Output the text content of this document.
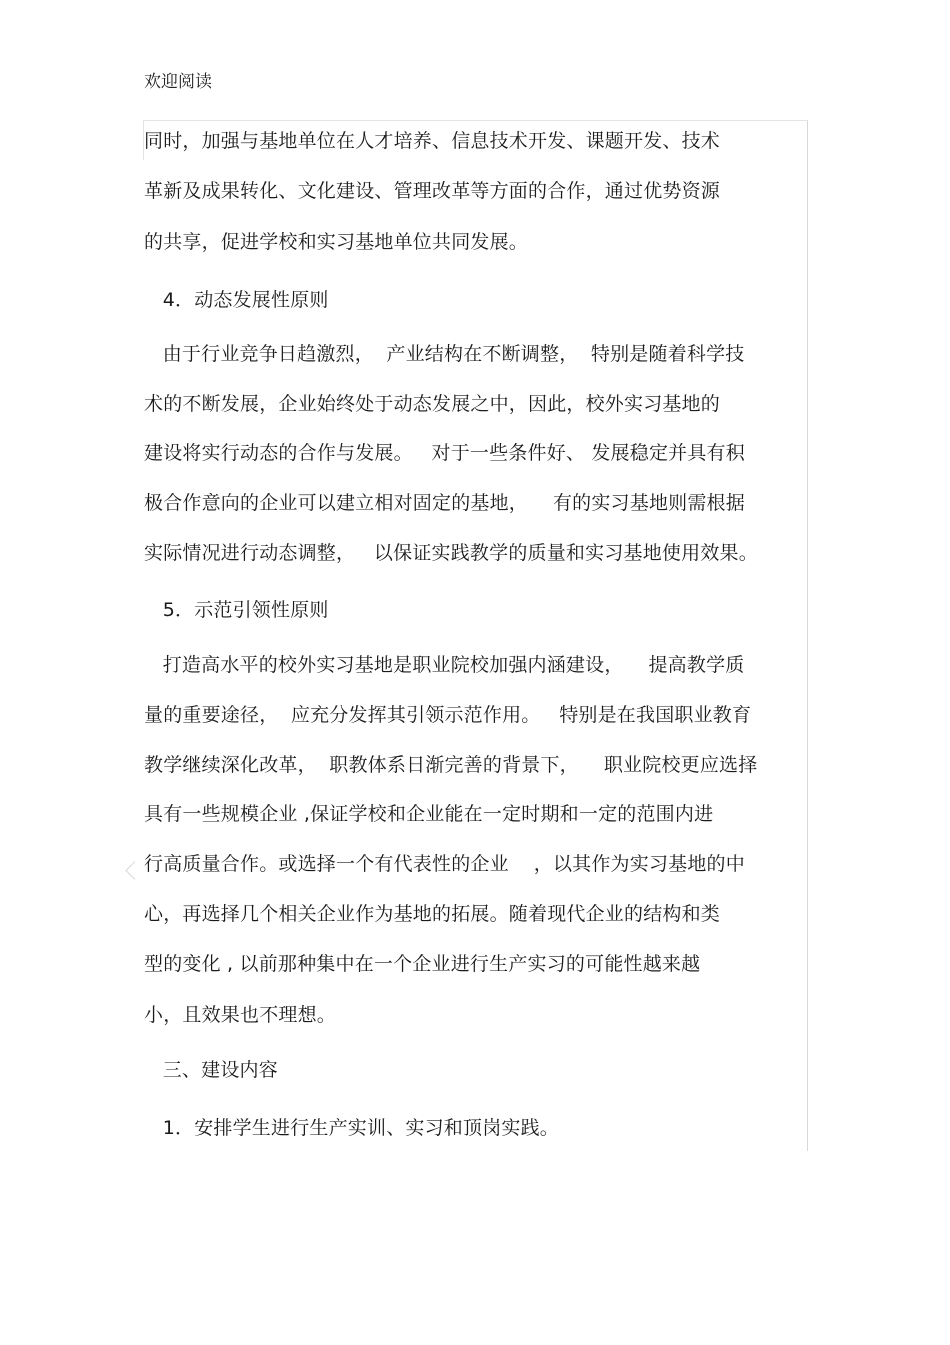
欢迎阅读
同时，加强与基地单位在人才培养、信息技术开发、课题开发、技术
革新及成果转化、文化建设、管理改革等方面的合作，通过优势资源
的共享，促进学校和实习基地单位共同发展。
4．动态发展性原则
由于行业竞争日趋激烈，  产业结构在不断调整，  特别是随着科学技
术的不断发展，企业始终处于动态发展之中，因此，校外实习基地的
建设将实行动态的合作与发展。   对于一些条件好、 发展稳定并具有积
极合作意向的企业可以建立相对固定的基地，    有的实习基地则需根据
实际情况进行动态调整，   以保证实践教学的质量和实习基地使用效果。
5．示范引领性原则
打造高水平的校外实习基地是职业院校加强内涵建设，    提高教学质
量的重要途径，  应充分发挥其引领示范作用。   特别是在我国职业教育
教学继续深化改革，  职教体系日渐完善的背景下，    职业院校更应选择
具有一些规模企业 ,保证学校和企业能在一定时期和一定的范围内进
行高质量合作。或选择一个有代表性的企业    ，以其作为实习基地的中
心，再选择几个相关企业作为基地的拓展。随着现代企业的结构和类
型的变化 , 以前那种集中在一个企业进行生产实习的可能性越来越
小，且效果也不理想。
三、建设内容
1．安排学生进行生产实训、实习和顶岗实践。
